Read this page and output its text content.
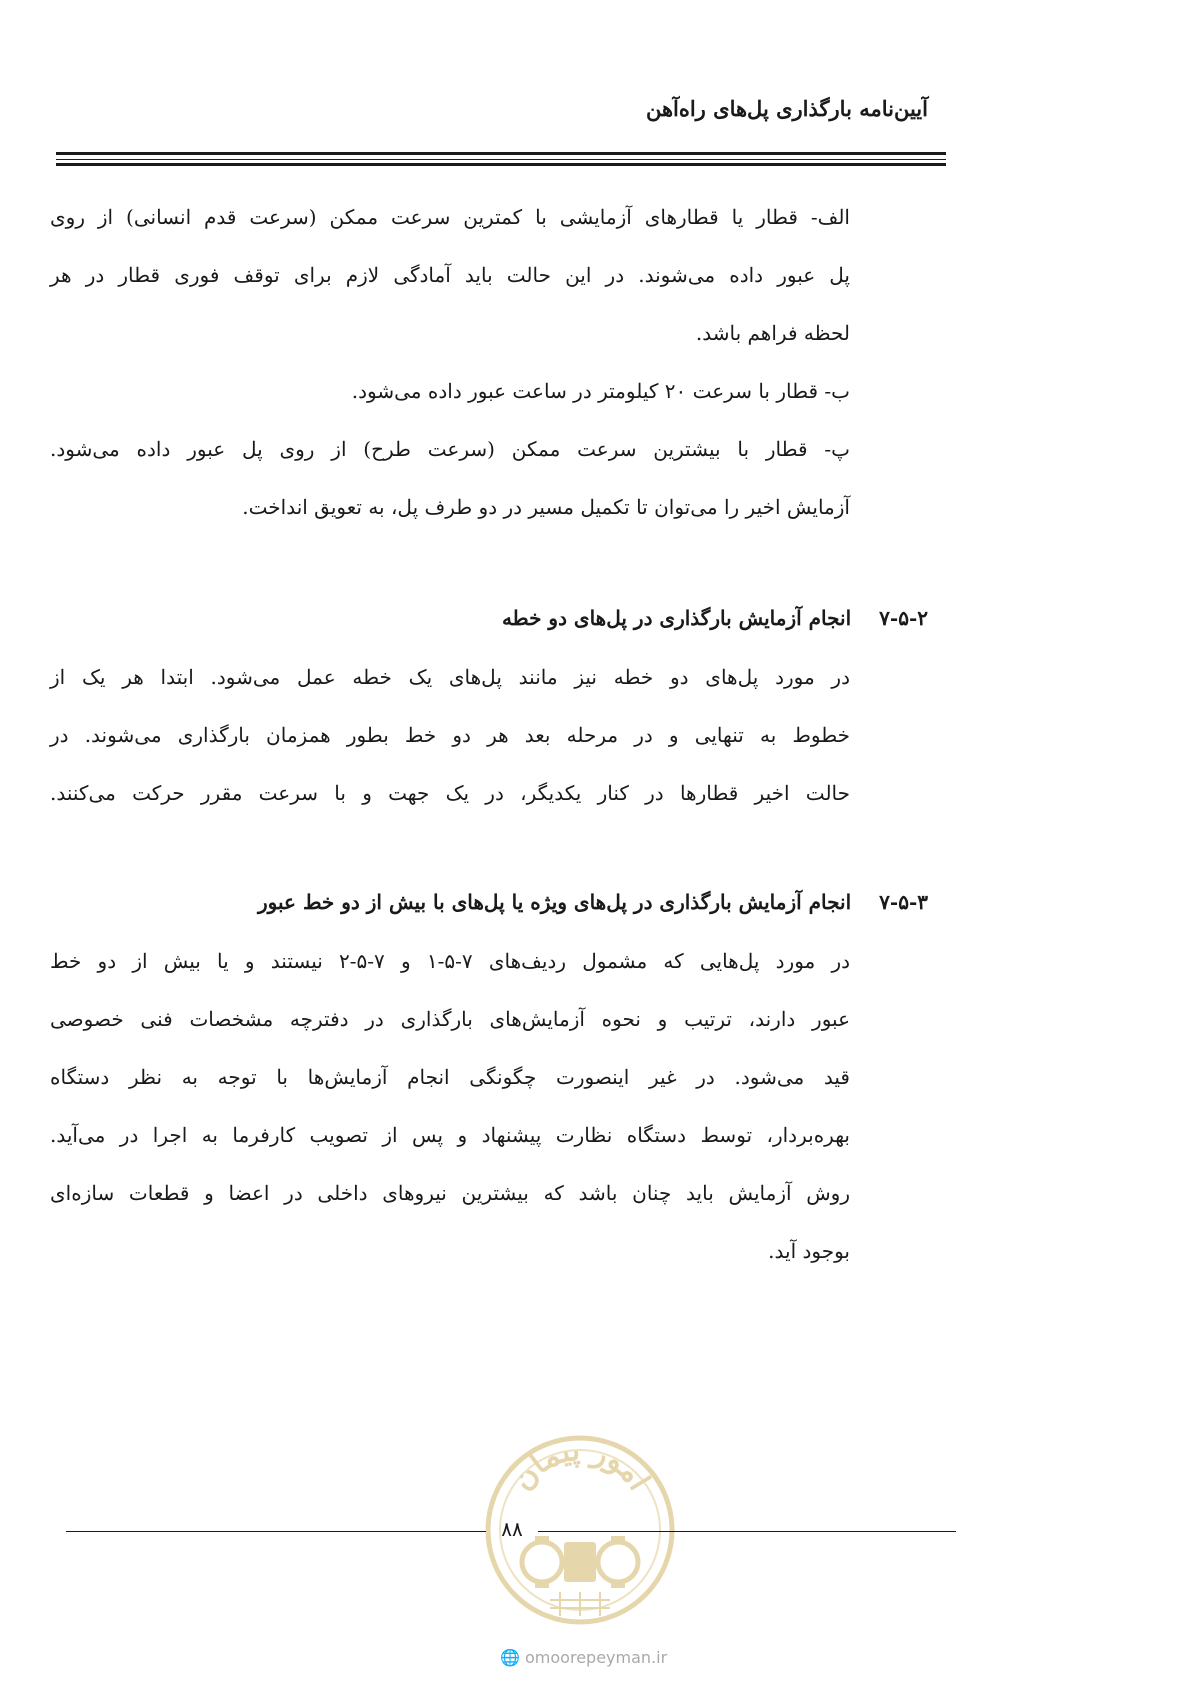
آیین‌نامه بارگذاری پل‌های راه‌آهن

الف- قطار یا قطارهای آزمایشی با کمترین سرعت ممکن (سرعت قدم انسانی) از روی

پل عبور داده می‌شوند. در این حالت باید آمادگی لازم برای توقف فوری قطار در هر

لحظه فراهم باشد.

ب- قطار با سرعت ۲۰ کیلومتر در ساعت عبور داده می‌شود.

پ- قطار با بیشترین سرعت ممکن (سرعت طرح) از روی پل عبور داده می‌شود.

آزمایش اخیر را می‌توان تا تکمیل مسیر در دو طرف پل، به تعویق انداخت.

۷-۵-۲انجام آزمایش بارگذاری در پل‌های دو خطه

در مورد پل‌های دو خطه نیز مانند پل‌های یک خطه عمل می‌شود. ابتدا هر یک از

خطوط به تنهایی و در مرحله بعد هر دو خط بطور همزمان بارگذاری می‌شوند. در

حالت اخیر قطارها در کنار یکدیگر، در یک جهت و با سرعت مقرر حرکت می‌کنند.

۷-۵-۳انجام آزمایش بارگذاری در پل‌های ویژه یا پل‌های با بیش از دو خط عبور

در مورد پل‌هایی که مشمول ردیف‌های ۷-۵-۱ و ۷-۵-۲ نیستند و یا بیش از دو خط

عبور دارند، ترتیب و نحوه آزمایش‌های بارگذاری در دفترچه مشخصات فنی خصوصی

قید می‌شود. در غیر اینصورت چگونگی انجام آزمایش‌ها با توجه به نظر دستگاه

بهره‌بردار، توسط دستگاه نظارت پیشنهاد و پس از تصویب کارفرما به اجرا در می‌آید.

روش آزمایش باید چنان باشد که بیشترین نیروهای داخلی در اعضا و قطعات سازه‌ای

بوجود آید.

امور پیمان
۸۸
🌐 omoorepeyman.ir
